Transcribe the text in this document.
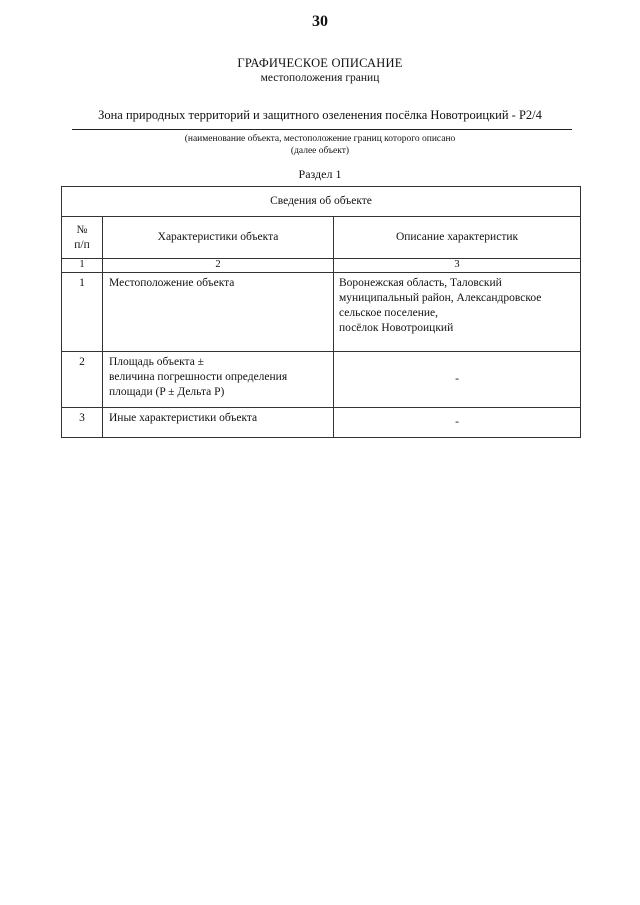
30
ГРАФИЧЕСКОЕ ОПИСАНИЕ
местоположения границ
Зона природных территорий и защитного озеленения посёлка Новотроицкий - Р2/4
(наименование объекта, местоположение границ которого описано
(далее объект)
Раздел 1
Сведения об объекте		

№
п/п	Характеристики объекта	Описание характеристик
1	2	3
1	Местоположение объекта	Воронежская область, Таловский
муниципальный район, Александровское
сельское поселение,
посёлок Новотроицкий

2	Площадь объекта ±
величина погрешности определения
площади (P ± Дельта P)	-
3	Иные характеристики объекта	-
